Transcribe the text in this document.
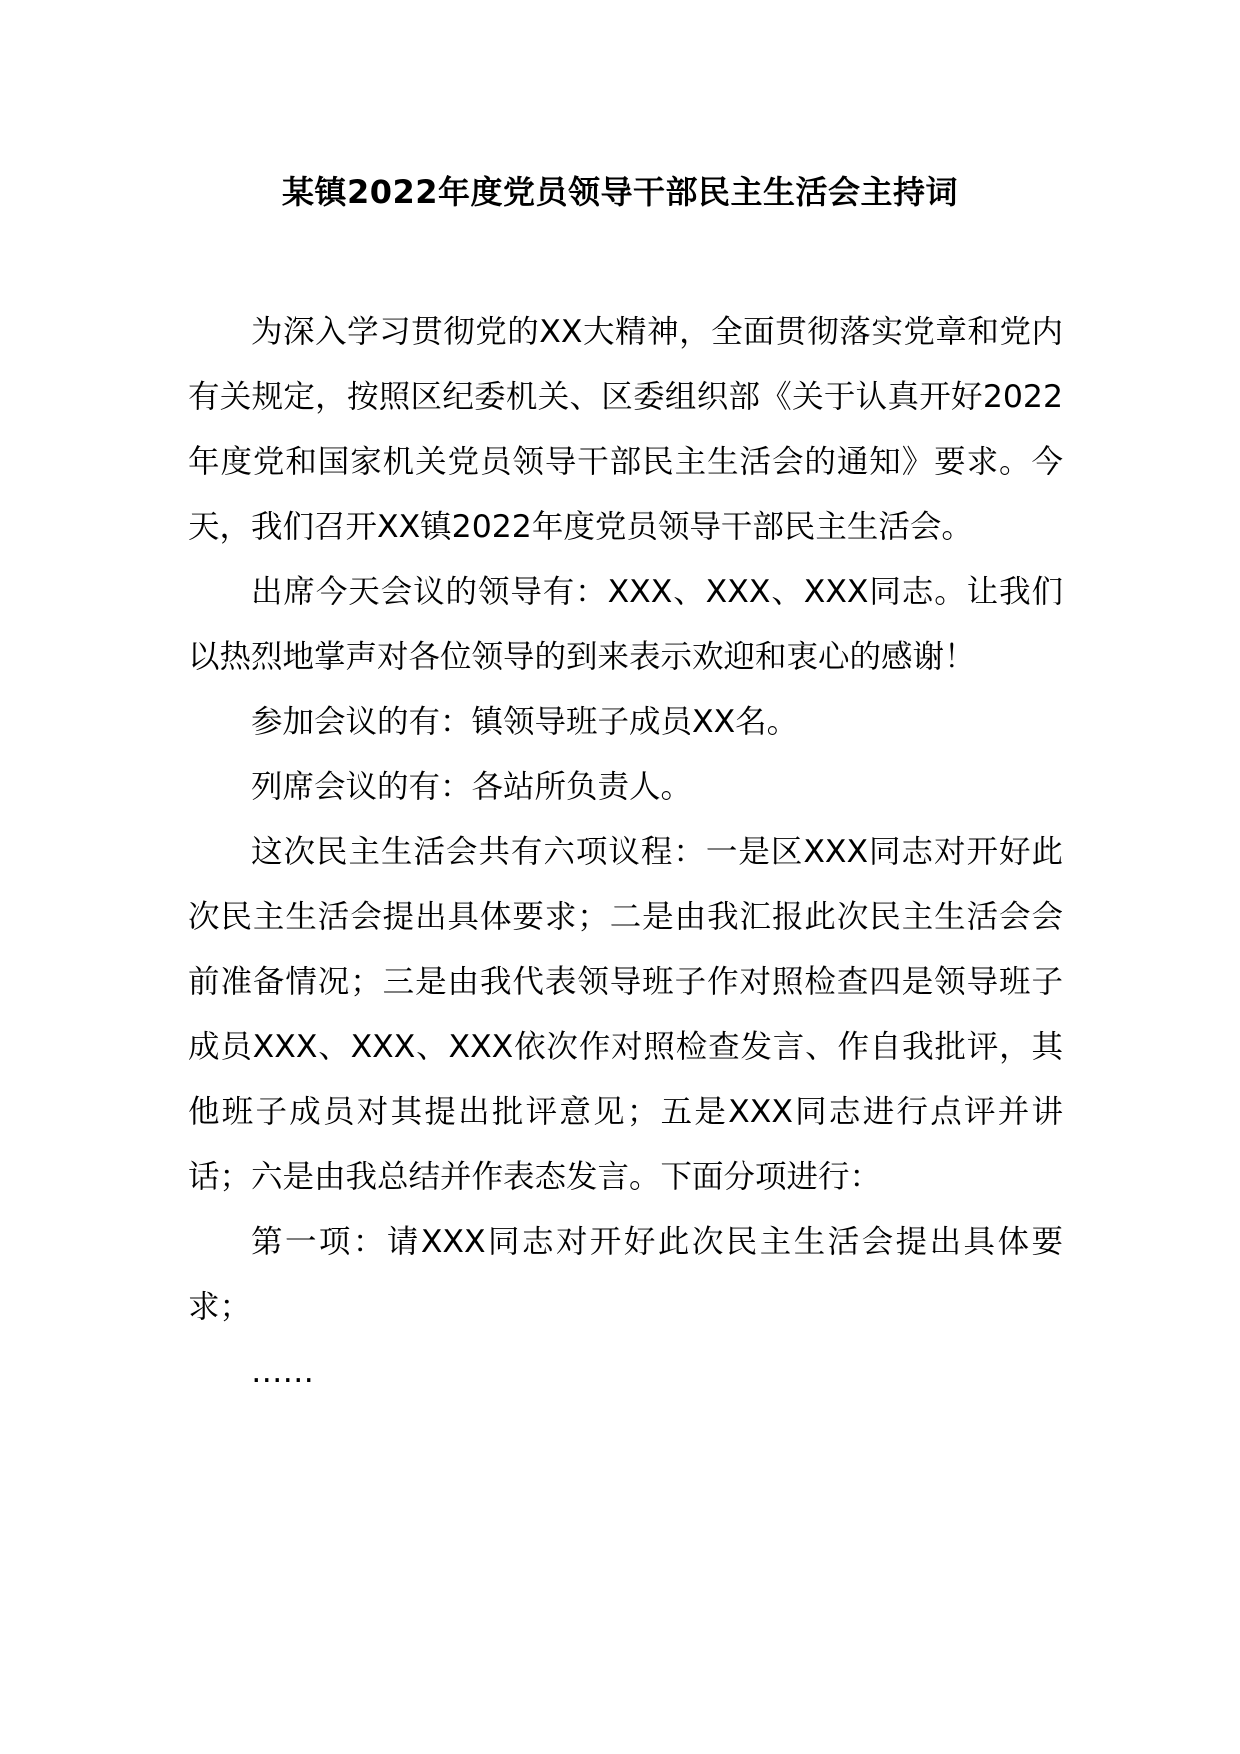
某镇2022年度党员领导干部民主生活会主持词

为深入学习贯彻党的XX大精神，全面贯彻落实党章和党内有关规定，按照区纪委机关、区委组织部《关于认真开好2022年度党和国家机关党员领导干部民主生活会的通知》要求。今天，我们召开XX镇2022年度党员领导干部民主生活会。

出席今天会议的领导有：XXX、XXX、XXX同志。让我们以热烈地掌声对各位领导的到来表示欢迎和衷心的感谢！

参加会议的有：镇领导班子成员XX名。

列席会议的有：各站所负责人。

这次民主生活会共有六项议程：一是区XXX同志对开好此次民主生活会提出具体要求；二是由我汇报此次民主生活会会前准备情况；三是由我代表领导班子作对照检查四是领导班子成员XXX、XXX、XXX依次作对照检查发言、作自我批评，其他班子成员对其提出批评意见；五是XXX同志进行点评并讲话；六是由我总结并作表态发言。下面分项进行：

第一项：请XXX同志对开好此次民主生活会提出具体要求；

……
